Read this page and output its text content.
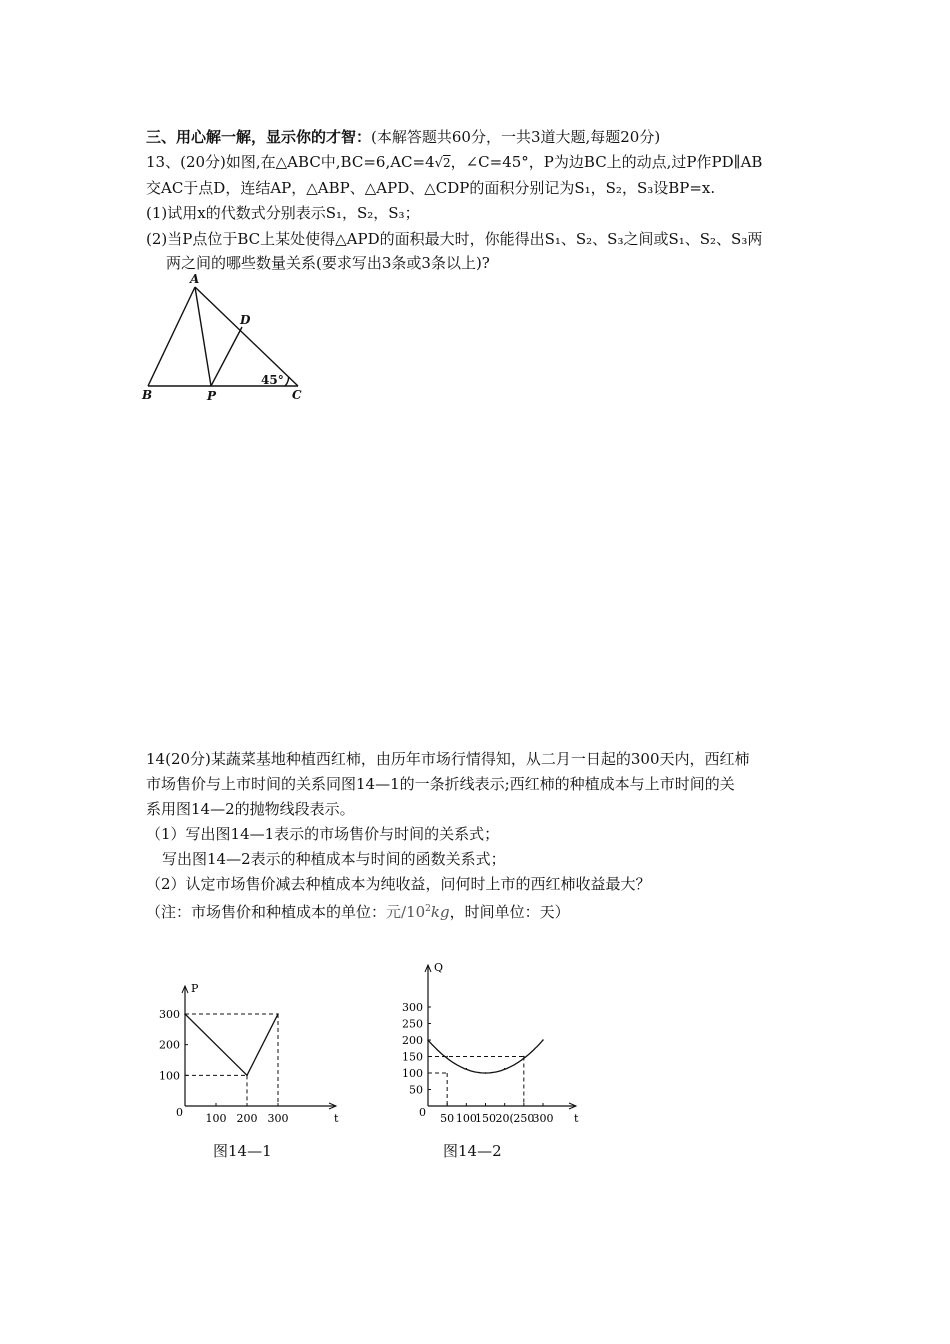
三、用心解一解，显示你的才智：(本解答题共60分，一共3道大题,每题20分)
13、(20分)如图,在△ABC中,BC=6,AC=4√2，∠C=45°，P为边BC上的动点,过P作PD∥AB
交AC于点D，连结AP，△ABP、△APD、△CDP的面积分别记为S₁，S₂，S₃设BP=x.
(1)试用x的代数式分别表示S₁，S₂，S₃；
(2)当P点位于BC上某处使得△APD的面积最大时，你能得出S₁、S₂、S₃之间或S₁、S₂、S₃两
两之间的哪些数量关系(要求写出3条或3条以上)?
A
B	C
D
P
45°
14(20分)某蔬菜基地种植西红柿，由历年市场行情得知，从二月一日起的300天内，西红柿
市场售价与上市时间的关系同图14—1的一条折线表示;西红柿的种植成本与上市时间的关
系用图14—2的抛物线段表示。
（1）写出图14—1表示的市场售价与时间的关系式；
写出图14—2表示的种植成本与时间的函数关系式；
（2）认定市场售价减去种植成本为纯收益，问何时上市的西红柿收益最大？
（注：市场售价和种植成本的单位：元$/10^2kg$，时间单位：天）
t
P
0 100 200 300
300
200
100
图14—1
t
Q
0 50 100
150 20( 250
300
300
250
200
150
100
50
图14—2
